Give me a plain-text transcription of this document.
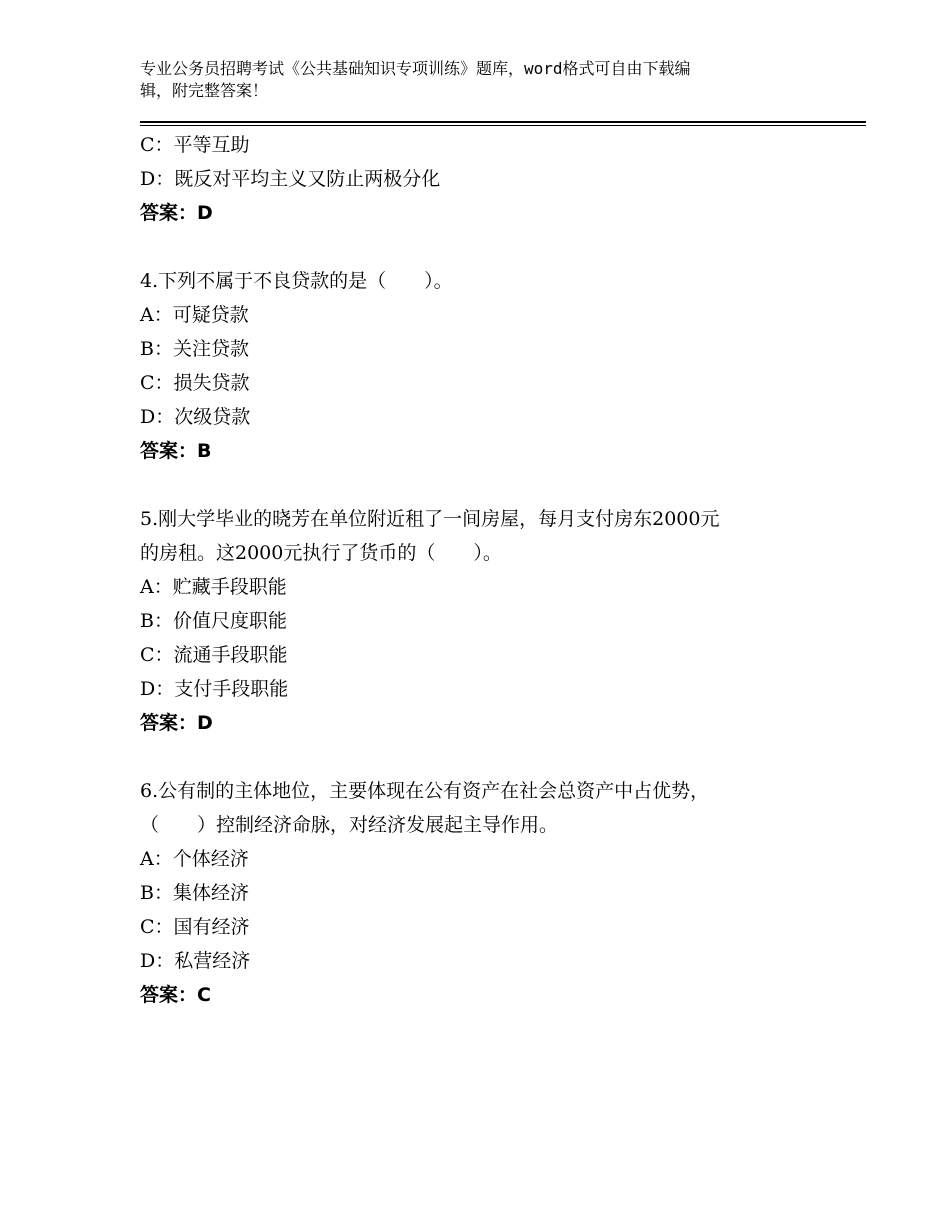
专业公务员招聘考试《公共基础知识专项训练》题库，word格式可自由下载编
辑，附完整答案！
C：平等互助
D：既反对平均主义又防止两极分化
答案：D
4.下列不属于不良贷款的是（　　）。
A：可疑贷款
B：关注贷款
C：损失贷款
D：次级贷款
答案：B
5.刚大学毕业的晓芳在单位附近租了一间房屋，每月支付房东2000元
的房租。这2000元执行了货币的（　　）。
A：贮藏手段职能
B：价值尺度职能
C：流通手段职能
D：支付手段职能
答案：D
6.公有制的主体地位，主要体现在公有资产在社会总资产中占优势，
（　　）控制经济命脉，对经济发展起主导作用。
A：个体经济
B：集体经济
C：国有经济
D：私营经济
答案：C
